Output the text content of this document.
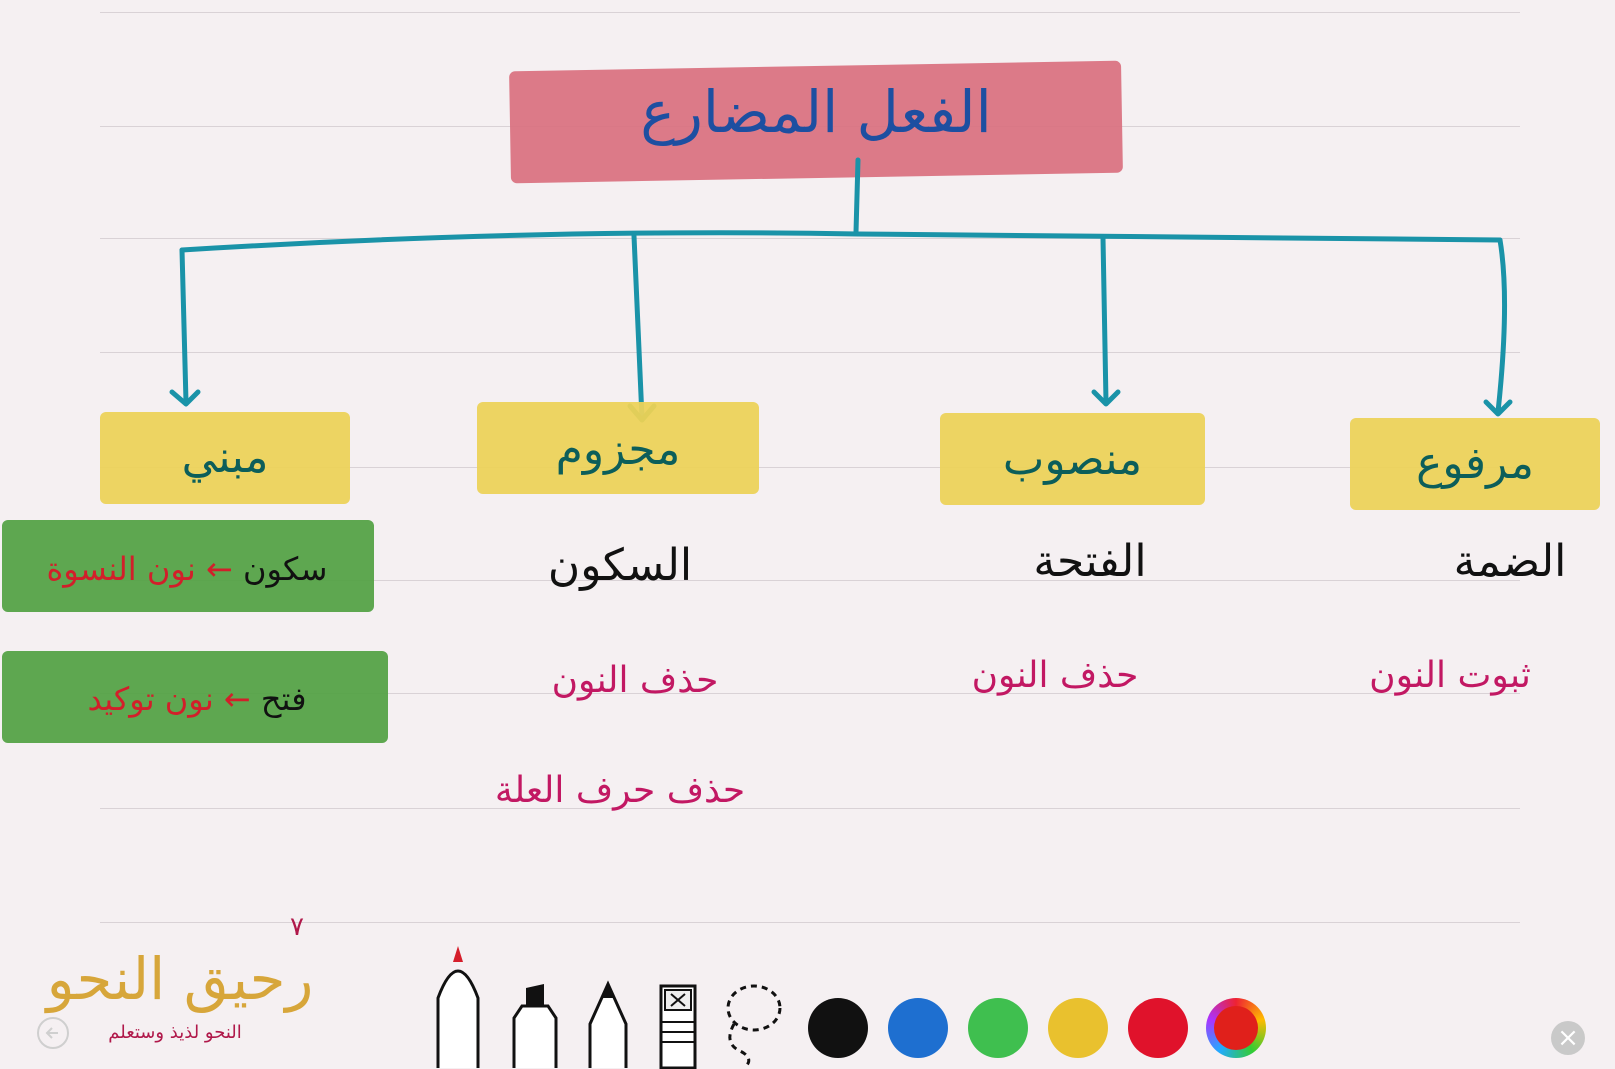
الفعل المضارع
مبني	مجزوم	منصوب	مرفوع
الضمة
الفتحة
السكون
ثبوت النون
حذف النون
حذف النون
حذف حرف العلة
سكون ← نون النسوة
فتح ← نون توكيد
رحيق النحو
النحو لذيذ وستعلم
٧
×
